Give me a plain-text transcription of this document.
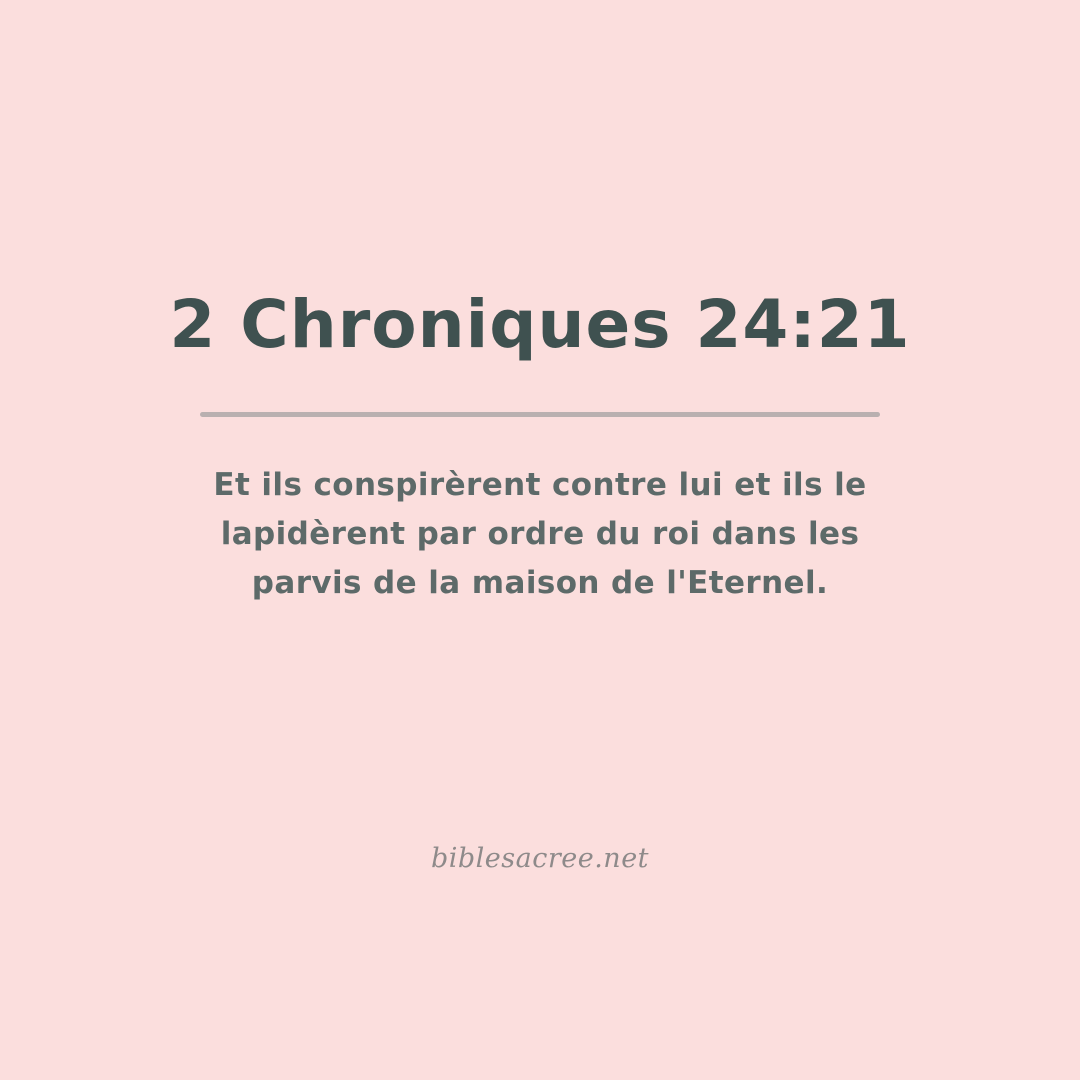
2 Chroniques 24:21
Et ils conspirèrent contre lui et ils le lapidèrent par ordre du roi dans les parvis de la maison de l'Eternel.
biblesacree.net
